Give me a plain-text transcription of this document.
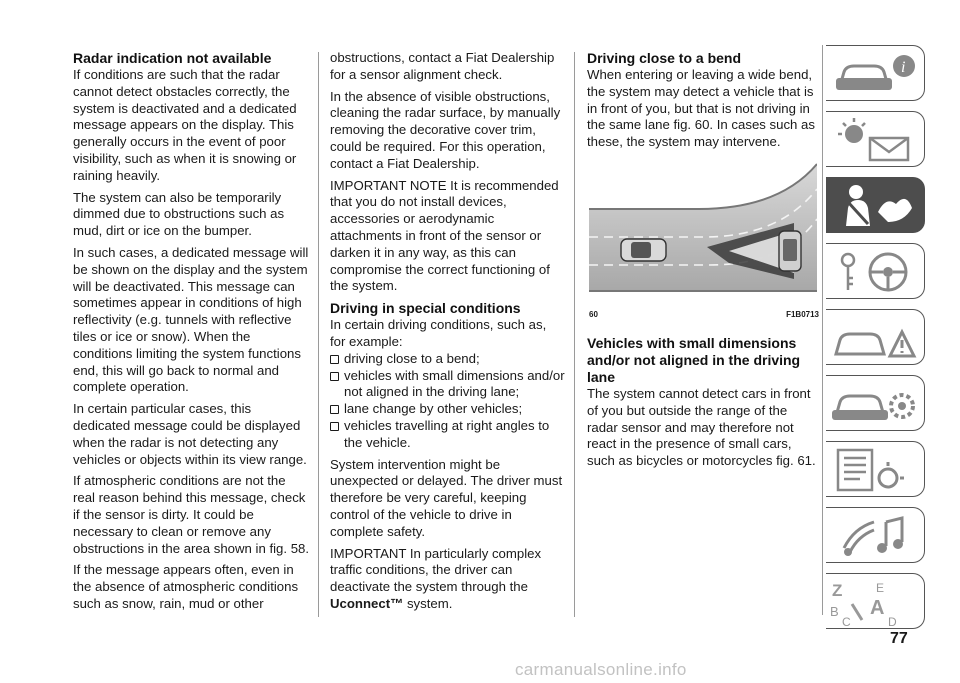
Radar indication not available

If conditions are such that the radar cannot detect obstacles correctly, the system is deactivated and a dedicated message appears on the display. This generally occurs in the event of poor visibility, such as when it is snowing or raining heavily.

The system can also be temporarily dimmed due to obstructions such as mud, dirt or ice on the bumper.

In such cases, a dedicated message will be shown on the display and the system will be deactivated. This message can sometimes appear in conditions of high reflectivity (e.g. tunnels with reflective tiles or ice or snow). When the conditions limiting the system functions end, this will go back to normal and complete operation.

In certain particular cases, this dedicated message could be displayed when the radar is not detecting any vehicles or objects within its view range.

If atmospheric conditions are not the real reason behind this message, check if the sensor is dirty. It could be necessary to clean or remove any obstructions in the area shown in fig. 58.

If the message appears often, even in the absence of atmospheric conditions such as snow, rain, mud or other

obstructions, contact a Fiat Dealership for a sensor alignment check.

In the absence of visible obstructions, cleaning the radar surface, by manually removing the decorative cover trim, could be required. For this operation, contact a Fiat Dealership.

IMPORTANT NOTE It is recommended that you do not install devices, accessories or aerodynamic attachments in front of the sensor or darken it in any way, as this can compromise the correct functioning of the system.

Driving in special conditions

In certain driving conditions, such as, for example:

driving close to a bend;
vehicles with small dimensions and/or not aligned in the driving lane;
lane change by other vehicles;
vehicles travelling at right angles to the vehicle.

System intervention might be unexpected or delayed. The driver must therefore be very careful, keeping control of the vehicle to drive in complete safety.

IMPORTANT In particularly complex traffic conditions, the driver can deactivate the system through the Uconnect™ system.

Driving close to a bend

When entering or leaving a wide bend, the system may detect a vehicle that is in front of you, but that is not driving in the same lane fig. 60. In cases such as these, the system may intervene.

60	F1B0713
Vehicles with small dimensions and/or not aligned in the driving lane

The system cannot detect cars in front of you but outside the range of the radar sensor and may therefore not react in the presence of small cars, such as bicycles or motorcycles fig. 61.

i
Z	E
B A
C	D
77
carmanualsonline.info
